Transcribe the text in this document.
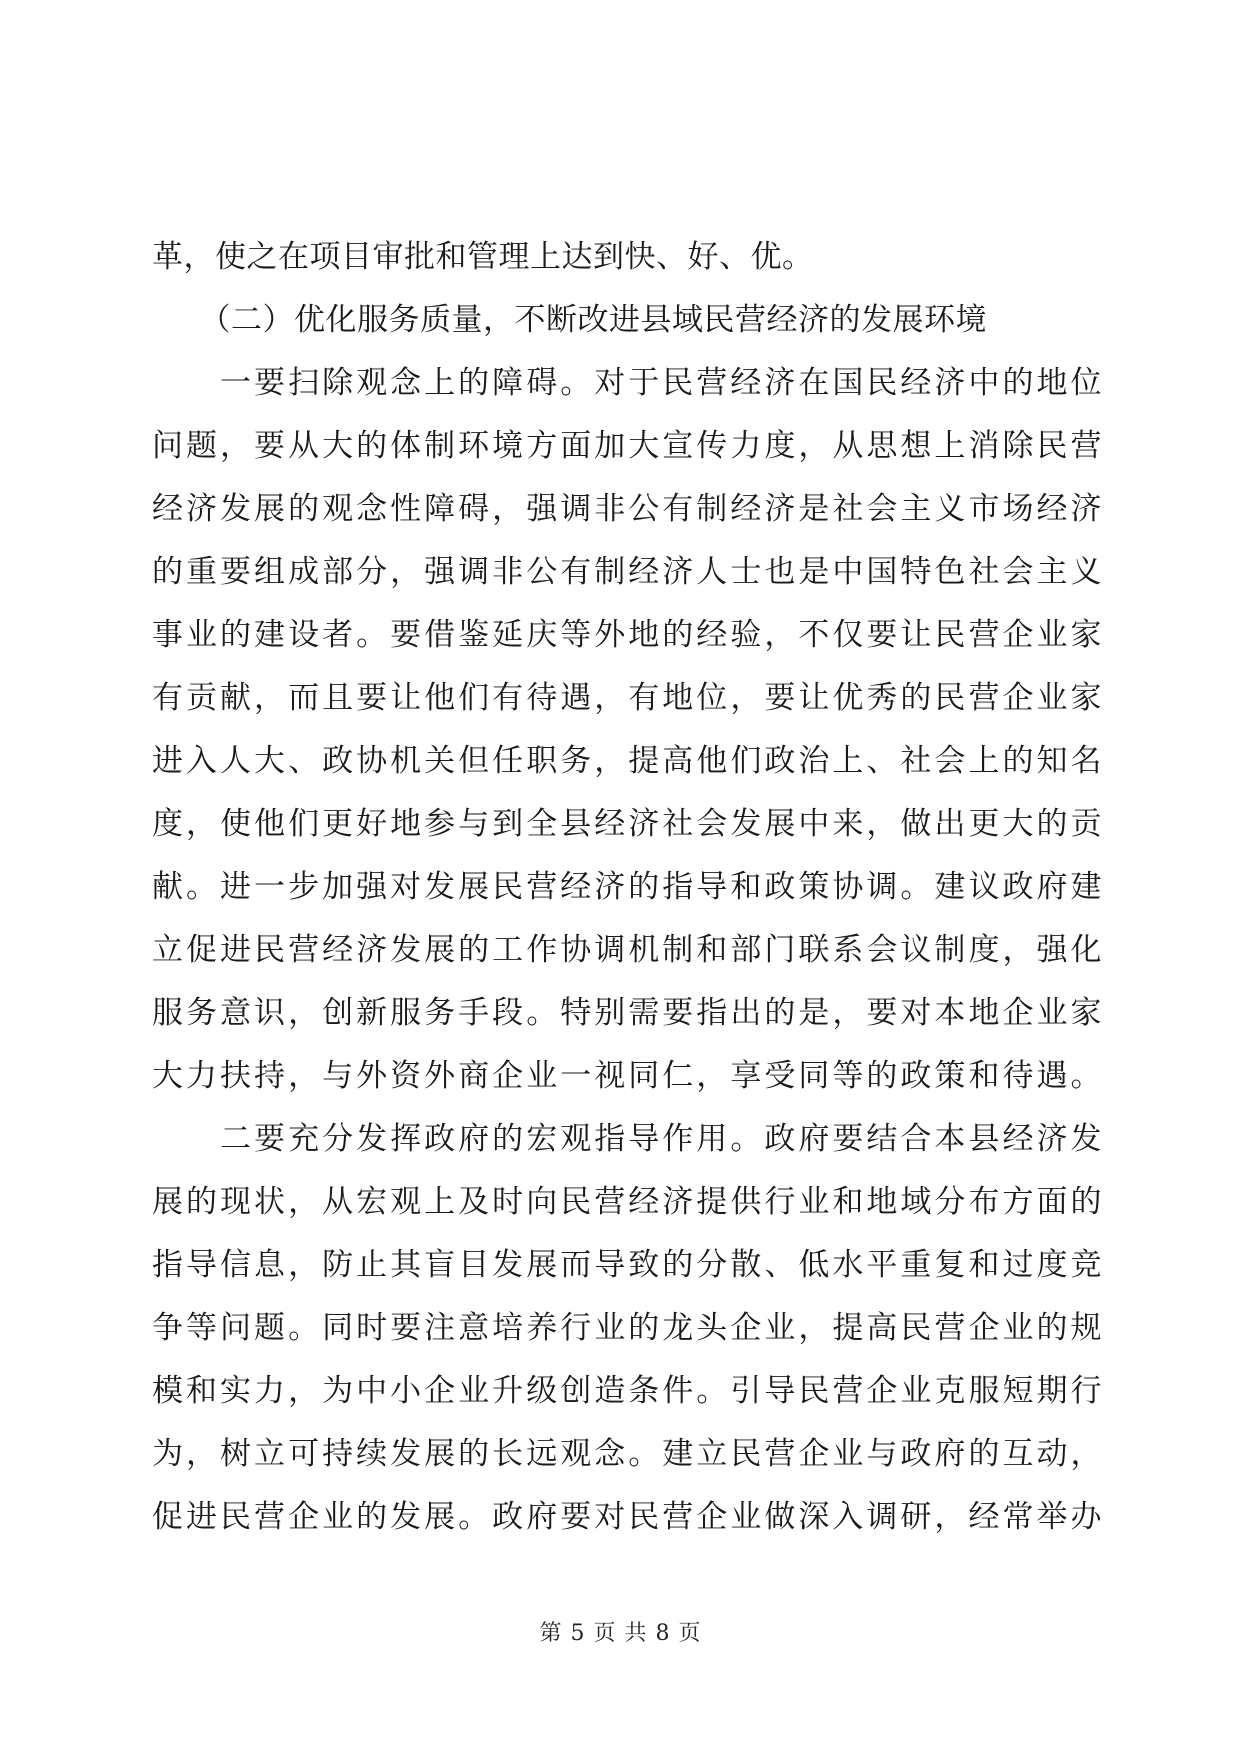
革，使之在项目审批和管理上达到快、好、优。
　　（二）优化服务质量，不断改进县域民营经济的发展环境
　　一要扫除观念上的障碍。对于民营经济在国民经济中的地位
问题，要从大的体制环境方面加大宣传力度，从思想上消除民营
经济发展的观念性障碍，强调非公有制经济是社会主义市场经济
的重要组成部分，强调非公有制经济人士也是中国特色社会主义
事业的建设者。要借鉴延庆等外地的经验，不仅要让民营企业家
有贡献，而且要让他们有待遇，有地位，要让优秀的民营企业家
进入人大、政协机关但任职务，提高他们政治上、社会上的知名
度，使他们更好地参与到全县经济社会发展中来，做出更大的贡
献。进一步加强对发展民营经济的指导和政策协调。建议政府建
立促进民营经济发展的工作协调机制和部门联系会议制度，强化
服务意识，创新服务手段。特别需要指出的是，要对本地企业家
大力扶持，与外资外商企业一视同仁，享受同等的政策和待遇。
　　二要充分发挥政府的宏观指导作用。政府要结合本县经济发
展的现状，从宏观上及时向民营经济提供行业和地域分布方面的
指导信息，防止其盲目发展而导致的分散、低水平重复和过度竞
争等问题。同时要注意培养行业的龙头企业，提高民营企业的规
模和实力，为中小企业升级创造条件。引导民营企业克服短期行
为，树立可持续发展的长远观念。建立民营企业与政府的互动，
促进民营企业的发展。政府要对民营企业做深入调研，经常举办
第 5 页 共 8 页
